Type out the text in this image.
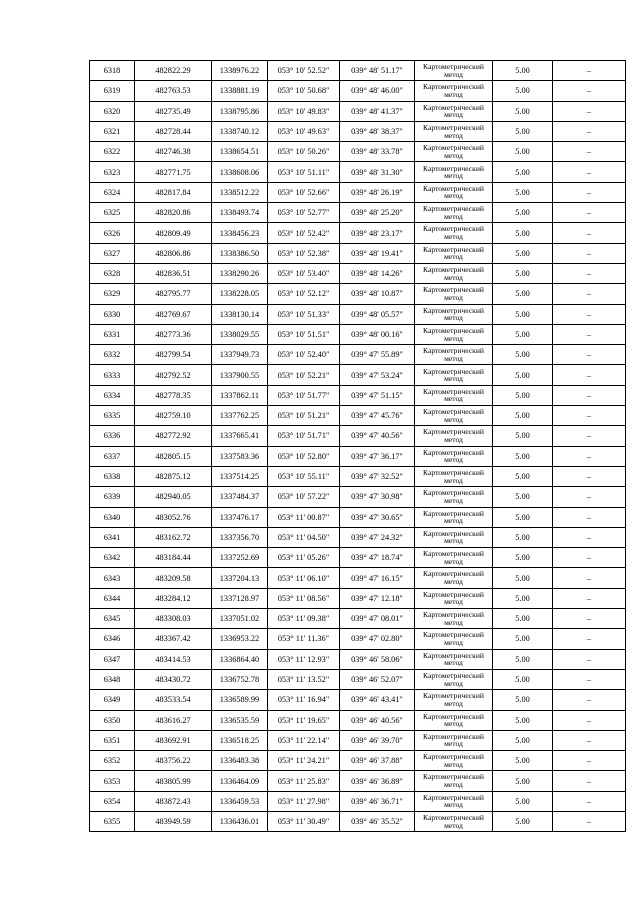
6318	482822.29	1338976.22	053° 10' 52.52"	039° 48' 51.17"	Картометрический метод	5.00	–
6319	482763.53	1338881.19	053° 10' 50.68"	039° 48' 46.00"	Картометрический метод	5.00	–
6320	482735.49	1338795.86	053° 10' 49.83"	039° 48' 41.37"	Картометрический метод	5.00	–
6321	482728.44	1338740.12	053° 10' 49.63"	039° 48' 38.37"	Картометрический метод	5.00	–
6322	482746.38	1338654.51	053° 10' 50.26"	039° 48' 33.78"	Картометрический метод	5.00	–
6323	482771.75	1338608.06	053° 10' 51.11"	039° 48' 31.30"	Картометрический метод	5.00	–
6324	482817.84	1338512.22	053° 10' 52.66"	039° 48' 26.19"	Картометрический метод	5.00	–
6325	482820.86	1338493.74	053° 10' 52.77"	039° 48' 25.20"	Картометрический метод	5.00	–
6326	482809.49	1338456.23	053° 10' 52.42"	039° 48' 23.17"	Картометрический метод	5.00	–
6327	482806.86	1338386.50	053° 10' 52.38"	039° 48' 19.41"	Картометрический метод	5.00	–
6328	482836.51	1338290.26	053° 10' 53.40"	039° 48' 14.26"	Картометрический метод	5.00	–
6329	482795.77	1338228.05	053° 10' 52.12"	039° 48' 10.87"	Картометрический метод	5.00	–
6330	482769.67	1338130.14	053° 10' 51.33"	039° 48' 05.57"	Картометрический метод	5.00	–
6331	482773.36	1338029.55	053° 10' 51.51"	039° 48' 00.16"	Картометрический метод	5.00	–
6332	482799.54	1337949.73	053° 10' 52.40"	039° 47' 55.89"	Картометрический метод	5.00	–
6333	482792.52	1337900.55	053° 10' 52.21"	039° 47' 53.24"	Картометрический метод	5.00	–
6334	482778.35	1337862.11	053° 10' 51.77"	039° 47' 51.15"	Картометрический метод	5.00	–
6335	482759.10	1337762.25	053° 10' 51.21"	039° 47' 45.76"	Картометрический метод	5.00	–
6336	482772.92	1337665.41	053° 10' 51.71"	039° 47' 40.56"	Картометрический метод	5.00	–
6337	482805.15	1337583.36	053° 10' 52.80"	039° 47' 36.17"	Картометрический метод	5.00	–
6338	482875.12	1337514.25	053° 10' 55.11"	039° 47' 32.52"	Картометрический метод	5.00	–
6339	482940.05	1337484.37	053° 10' 57.22"	039° 47' 30.98"	Картометрический метод	5.00	–
6340	483052.76	1337476.17	053° 11' 00.87"	039° 47' 30.65"	Картометрический метод	5.00	–
6341	483162.72	1337356.70	053° 11' 04.50"	039° 47' 24.32"	Картометрический метод	5.00	–
6342	483184.44	1337252.69	053° 11' 05.26"	039° 47' 18.74"	Картометрический метод	5.00	–
6343	483209.58	1337204.13	053° 11' 06.10"	039° 47' 16.15"	Картометрический метод	5.00	–
6344	483284.12	1337128.97	053° 11' 08.56"	039° 47' 12.18"	Картометрический метод	5.00	–
6345	483308.03	1337051.02	053° 11' 09.38"	039° 47' 08.01"	Картометрический метод	5.00	–
6346	483367.42	1336953.22	053° 11' 11.36"	039° 47' 02.80"	Картометрический метод	5.00	–
6347	483414.53	1336864.40	053° 11' 12.93"	039° 46' 58.06"	Картометрический метод	5.00	–
6348	483430.72	1336752.78	053° 11' 13.52"	039° 46' 52.07"	Картометрический метод	5.00	–
6349	483533.54	1336589.99	053° 11' 16.94"	039° 46' 43.41"	Картометрический метод	5.00	–
6350	483616.27	1336535.59	053° 11' 19.65"	039° 46' 40.56"	Картометрический метод	5.00	–
6351	483692.91	1336518.25	053° 11' 22.14"	039° 46' 39.70"	Картометрический метод	5.00	–
6352	483756.22	1336483.38	053° 11' 24.21"	039° 46' 37.88"	Картометрический метод	5.00	–
6353	483805.99	1336464.09	053° 11' 25.83"	039° 46' 36.89"	Картометрический метод	5.00	–
6354	483872.43	1336459.53	053° 11' 27.98"	039° 46' 36.71"	Картометрический метод	5.00	–
6355	483949.59	1336436.01	053° 11' 30.49"	039° 46' 35.52"	Картометрический метод	5.00	–
